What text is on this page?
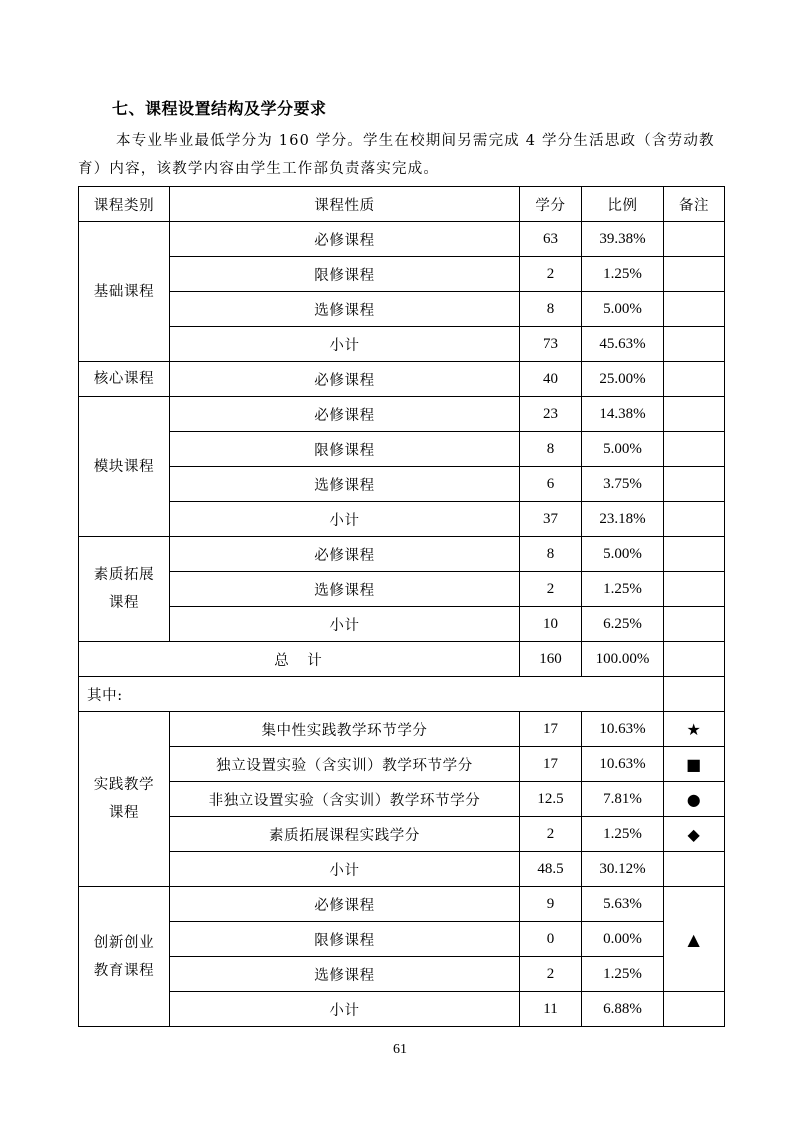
七、课程设置结构及学分要求
本专业毕业最低学分为 160 学分。学生在校期间另需完成 4 学分生活思政（含劳动教
育）内容，该教学内容由学生工作部负责落实完成。
课程类别	课程性质	学分	比例	备注
基础课程	必修课程	63	39.38%	
	限修课程	2	1.25%	
	选修课程	8	5.00%	
	小计	73	45.63%	
核心课程	必修课程	40	25.00%	
模块课程	必修课程	23	14.38%	
	限修课程	8	5.00%	
	选修课程	6	3.75%	
	小计	37	23.18%	

素质拓展
课程	必修课程	8	5.00%	
	选修课程	2	1.25%	
	小计	10	6.25%	
总　计		160	100.00%	
其中:				

实践教学
课程	集中性实践教学环节学分	17	10.63%	★
	独立设置实验（含实训）教学环节学分	17	10.63%	■
	非独立设置实验（含实训）教学环节学分	12.5	7.81%	●
	素质拓展课程实践学分	2	1.25%	◆
	小计	48.5	30.12%	

创新创业
教育课程	必修课程	9	5.63%	▲
	限修课程	0	0.00%	
	选修课程	2	1.25%	
	小计	11	6.88%	
61
